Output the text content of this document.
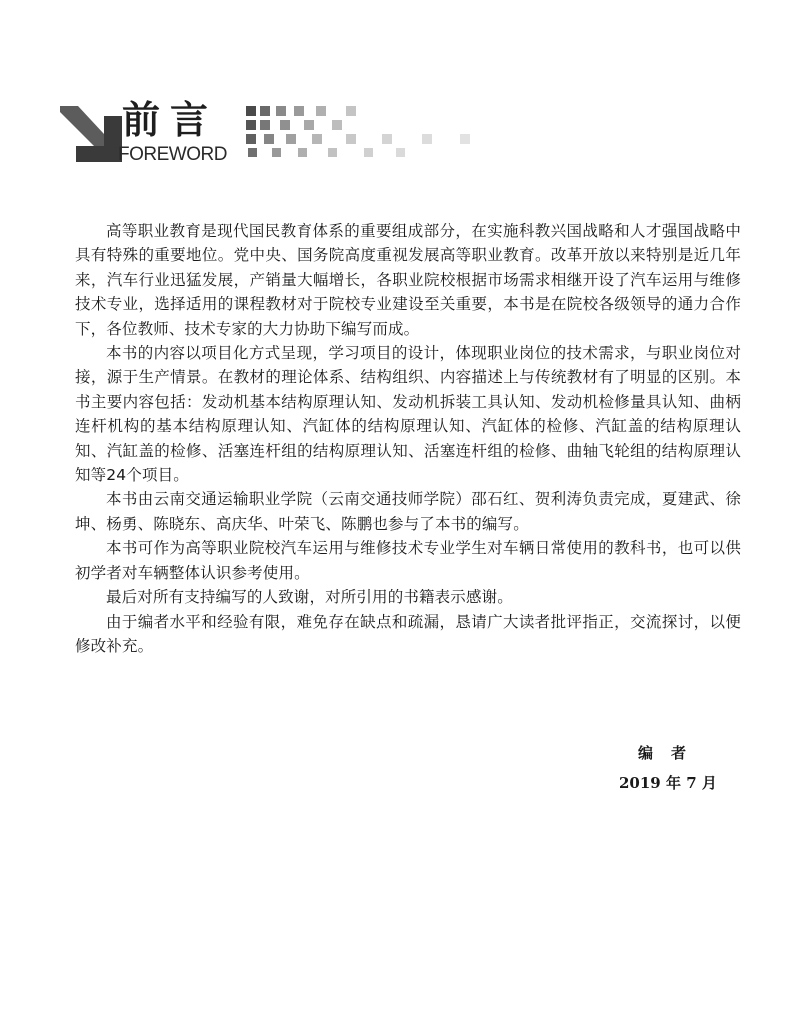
前言
FOREWORD

高等职业教育是现代国民教育体系的重要组成部分，在实施科教兴国战略和人才强国战略中具有特殊的重要地位。党中央、国务院高度重视发展高等职业教育。改革开放以来特别是近几年来，汽车行业迅猛发展，产销量大幅增长，各职业院校根据市场需求相继开设了汽车运用与维修技术专业，选择适用的课程教材对于院校专业建设至关重要，本书是在院校各级领导的通力合作下，各位教师、技术专家的大力协助下编写而成。

本书的内容以项目化方式呈现，学习项目的设计，体现职业岗位的技术需求，与职业岗位对接，源于生产情景。在教材的理论体系、结构组织、内容描述上与传统教材有了明显的区别。本书主要内容包括：发动机基本结构原理认知、发动机拆装工具认知、发动机检修量具认知、曲柄连杆机构的基本结构原理认知、汽缸体的结构原理认知、汽缸体的检修、汽缸盖的结构原理认知、汽缸盖的检修、活塞连杆组的结构原理认知、活塞连杆组的检修、曲轴飞轮组的结构原理认知等24个项目。

本书由云南交通运输职业学院（云南交通技师学院）邵石红、贺利涛负责完成，夏建武、徐坤、杨勇、陈晓东、高庆华、叶荣飞、陈鹏也参与了本书的编写。

本书可作为高等职业院校汽车运用与维修技术专业学生对车辆日常使用的教科书，也可以供初学者对车辆整体认识参考使用。

最后对所有支持编写的人致谢，对所引用的书籍表示感谢。

由于编者水平和经验有限，难免存在缺点和疏漏，恳请广大读者批评指正，交流探讨，以便修改补充。

编者
2019 年 7 月
